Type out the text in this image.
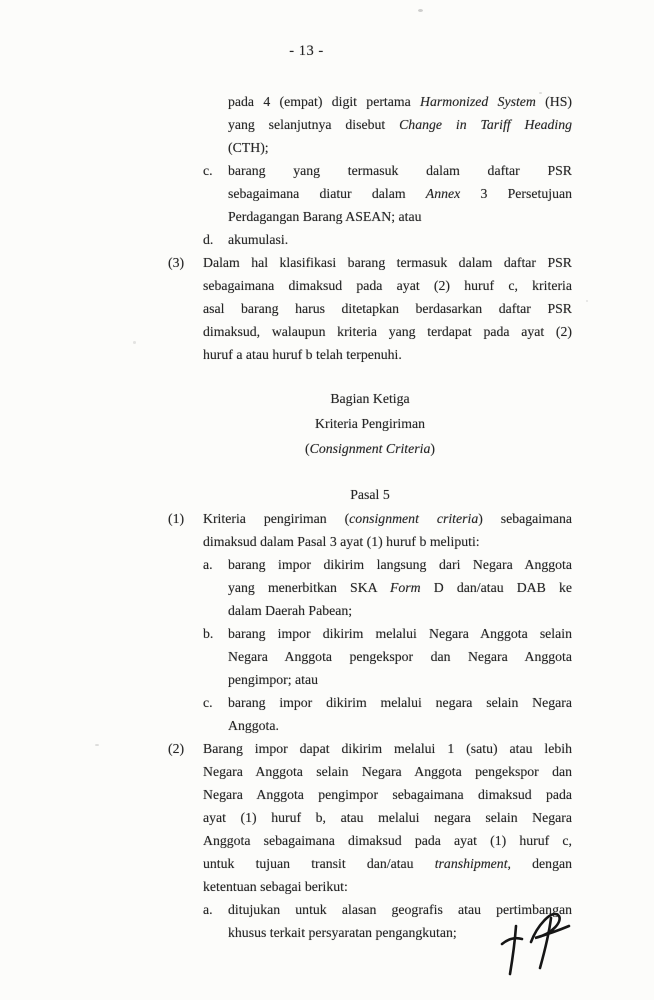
- 13 -
pada 4 (empat) digit pertama Harmonized System (HS)
yang selanjutnya disebut Change in Tariff Heading
(CTH);
c.	barang yang termasuk dalam daftar PSR
sebagaimana diatur dalam Annex 3 Persetujuan
Perdagangan Barang ASEAN; atau
d.	akumulasi.
(3)	Dalam hal klasifikasi barang termasuk dalam daftar PSR
sebagaimana dimaksud pada ayat (2) huruf c, kriteria
asal barang harus ditetapkan berdasarkan daftar PSR
dimaksud, walaupun kriteria yang terdapat pada ayat (2)
huruf a atau huruf b telah terpenuhi.
Bagian Ketiga
Kriteria Pengiriman
(Consignment Criteria)
Pasal 5
(1)	Kriteria pengiriman (consignment criteria) sebagaimana
dimaksud dalam Pasal 3 ayat (1) huruf b meliputi:
a.	barang impor dikirim langsung dari Negara Anggota
yang menerbitkan SKA Form D dan/atau DAB ke
dalam Daerah Pabean;
b.	barang impor dikirim melalui Negara Anggota selain
Negara Anggota pengekspor dan Negara Anggota
pengimpor; atau
c.	barang impor dikirim melalui negara selain Negara
Anggota.
(2)	Barang impor dapat dikirim melalui 1 (satu) atau lebih
Negara Anggota selain Negara Anggota pengekspor dan
Negara Anggota pengimpor sebagaimana dimaksud pada
ayat (1) huruf b, atau melalui negara selain Negara
Anggota sebagaimana dimaksud pada ayat (1) huruf c,
untuk tujuan transit dan/atau transhipment, dengan
ketentuan sebagai berikut:
a.	ditujukan untuk alasan geografis atau pertimbangan
khusus terkait persyaratan pengangkutan;
